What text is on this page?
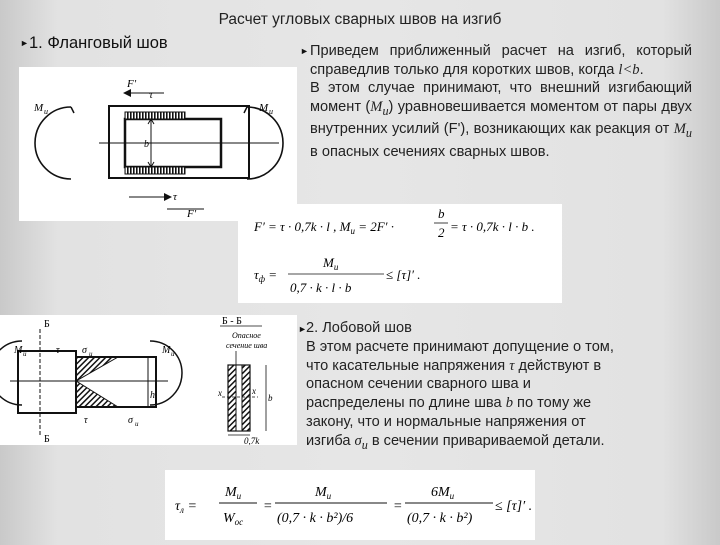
►
►
►
Расчет угловых сварных швов на изгиб
1. Фланговый шов	Приведем приближенный расчет на изгиб, который справедлив только для коротких швов, когда l<b.
В этом случае принимают, что внешний изгибающий момент $(M_и)$ уравновешивается моментом от пары двух внутренних усилий (F'), возникающих как реакция от $M_и$ в опасных сечениях сварных швов.
2. Лобовой шов
В этом расчете принимают допущение о том,
что касательные напряжения τ действуют в
опасном сечении сварного шва и
распределены по длине шва b по тому же
закону, что и нормальные напряжения от
изгиба $\sigma_и$ в сечении привариваемой детали.
b
F′
τ
τ
F′
M и	M и
Б
Б
h
τ σ и
τ	σ и
M и	M и
Б - Б
Опасное
сечение шва
x	x
b
0,7k
F′ = τ · 0,7k · l , $M_и = 2F'$ ·
b
2 = τ · 0,7k · l · b .
$\tau_ф$ =
$M_и$
0,7 · k · l · b
≤ [τ]′ .
$\tau_л$ =
$M_и$
$W_{ос}$
=
$M_и$
(0,7 · k · b²)/6
=
$6M_и$
(0,7 · k · b²)
≤ [τ]′ .
